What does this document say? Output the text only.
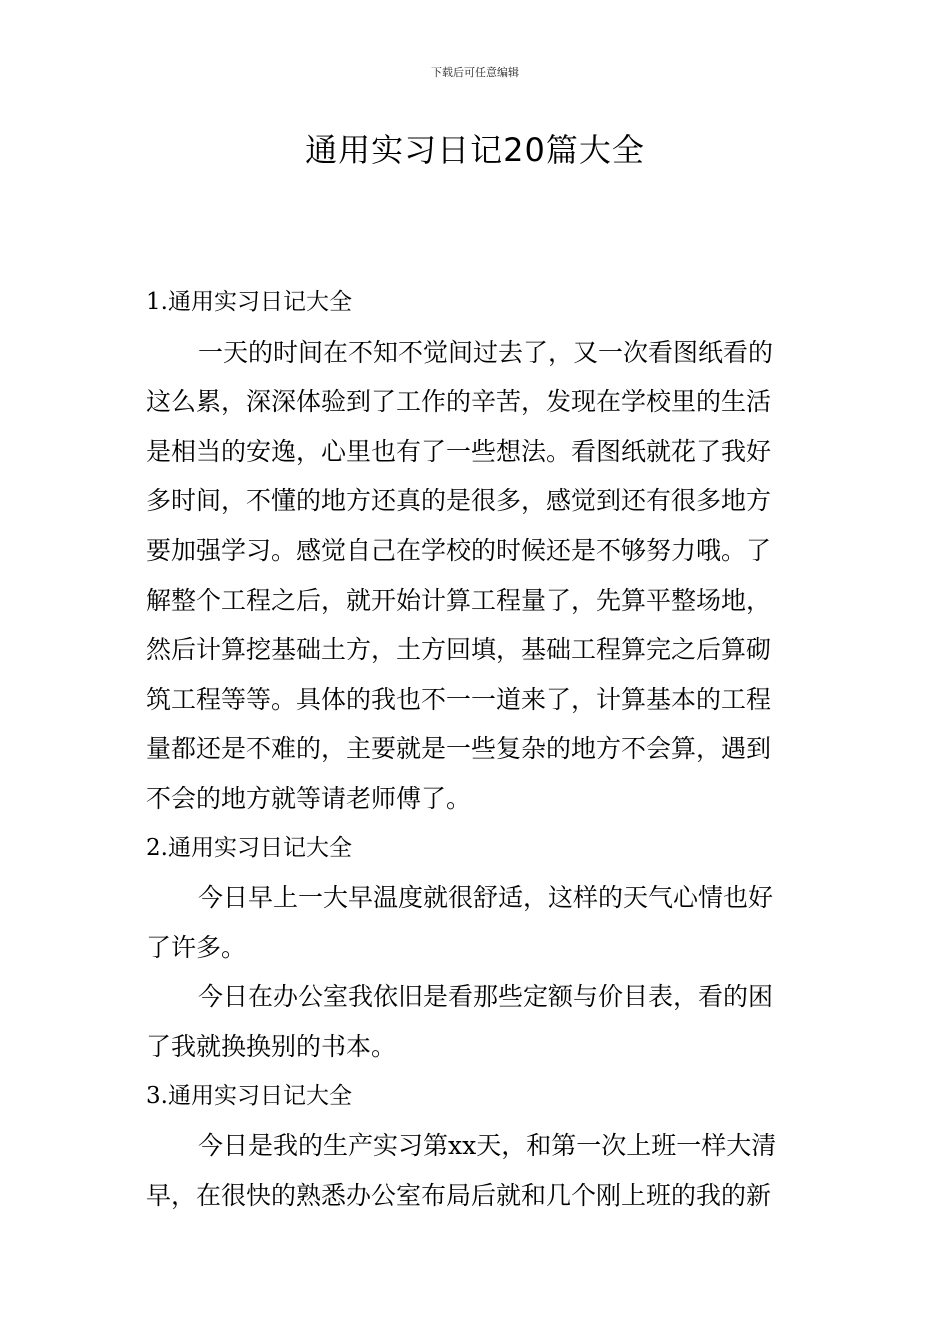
下载后可任意编辑
通用实习日记20篇大全
1.通用实习日记大全
一天的时间在不知不觉间过去了，又一次看图纸看的
这么累，深深体验到了工作的辛苦，发现在学校里的生活
是相当的安逸，心里也有了一些想法。看图纸就花了我好
多时间，不懂的地方还真的是很多，感觉到还有很多地方
要加强学习。感觉自己在学校的时候还是不够努力哦。了
解整个工程之后，就开始计算工程量了，先算平整场地，
然后计算挖基础土方，土方回填，基础工程算完之后算砌
筑工程等等。具体的我也不一一道来了，计算基本的工程
量都还是不难的，主要就是一些复杂的地方不会算，遇到
不会的地方就等请老师傅了。
2.通用实习日记大全
今日早上一大早温度就很舒适，这样的天气心情也好
了许多。
今日在办公室我依旧是看那些定额与价目表，看的困
了我就换换别的书本。
3.通用实习日记大全
今日是我的生产实习第xx天，和第一次上班一样大清
早，在很快的熟悉办公室布局后就和几个刚上班的我的新
